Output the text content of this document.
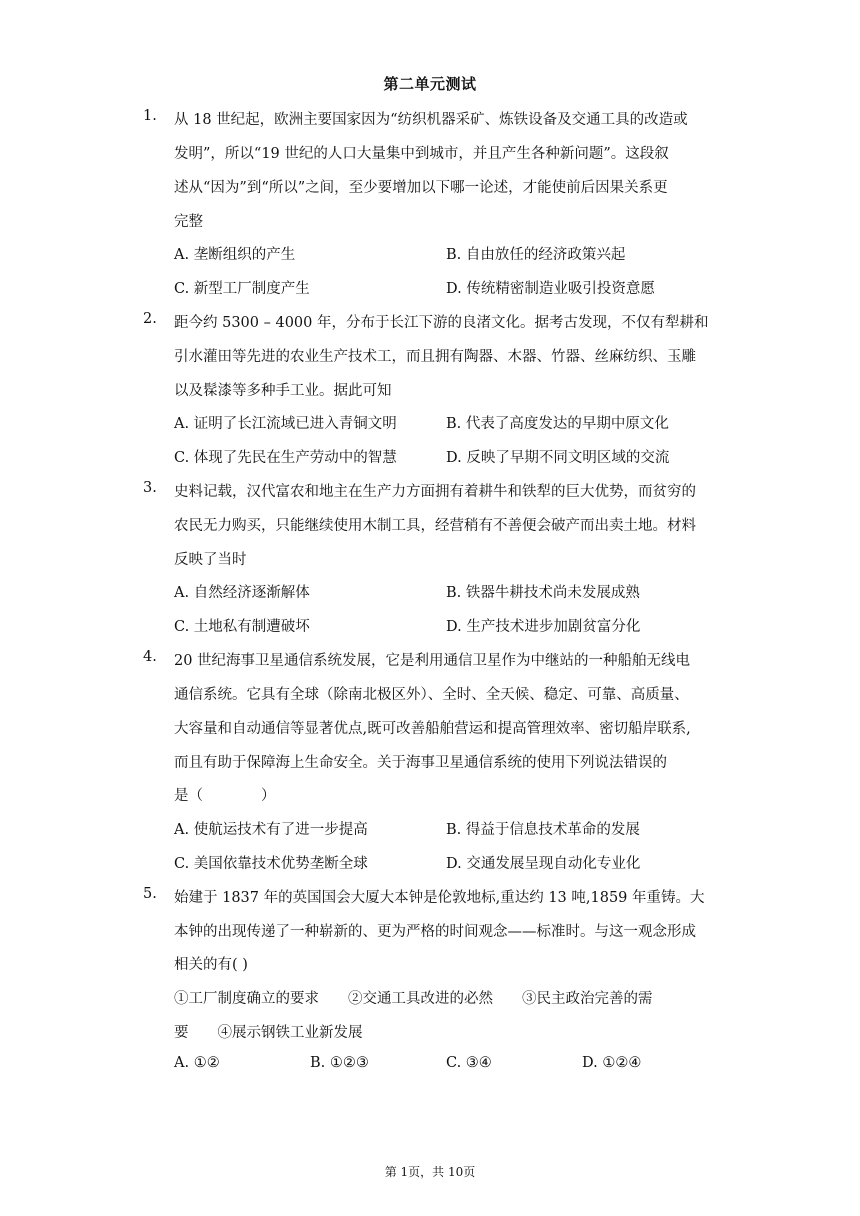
第二单元测试
1. 从 18 世纪起，欧洲主要国家因为“纺织机器采矿、炼铁设备及交通工具的改造或
发明”，所以“19 世纪的人口大量集中到城市，并且产生各种新问题”。这段叙
述从“因为”到“所以”之间，至少要增加以下哪一论述，才能使前后因果关系更
完整
A. 垄断组织的产生	B. 自由放任的经济政策兴起
C. 新型工厂制度产生	D. 传统精密制造业吸引投资意愿
2. 距今约 5300 – 4000 年，分布于长江下游的良渚文化。据考古发现，不仅有犁耕和
引水灌田等先进的农业生产技术工，而且拥有陶器、木器、竹器、丝麻纺织、玉雕
以及髹漆等多种手工业。据此可知
A. 证明了长江流域已进入青铜文明	B. 代表了高度发达的早期中原文化
C. 体现了先民在生产劳动中的智慧	D. 反映了早期不同文明区域的交流
3. 史料记载，汉代富农和地主在生产力方面拥有着耕牛和铁犁的巨大优势，而贫穷的
农民无力购买，只能继续使用木制工具，经营稍有不善便会破产而出卖土地。材料
反映了当时
A. 自然经济逐渐解体	B. 铁器牛耕技术尚未发展成熟
C. 土地私有制遭破坏	D. 生产技术进步加剧贫富分化
4. 20 世纪海事卫星通信系统发展，它是利用通信卫星作为中继站的一种船舶无线电
通信系统。它具有全球（除南北极区外）、全时、全天候、稳定、可靠、高质量、
大容量和自动通信等显著优点,既可改善船舶营运和提高管理效率、密切船岸联系,
而且有助于保障海上生命安全。关于海事卫星通信系统的使用下列说法错误的
是（　　　　）
A. 使航运技术有了进一步提高	B. 得益于信息技术革命的发展
C. 美国依靠技术优势垄断全球	D. 交通发展呈现自动化专业化
5. 始建于 1837 年的英国国会大厦大本钟是伦敦地标,重达约 13 吨,1859 年重铸。大
本钟的出现传递了一种崭新的、更为严格的时间观念——标准时。与这一观念形成
相关的有( )
①工厂制度确立的要求　　②交通工具改进的必然　　③民主政治完善的需
要　　④展示钢铁工业新发展
A. ①②	B. ①②③	C. ③④	D. ①②④
第 1页，共 10页
